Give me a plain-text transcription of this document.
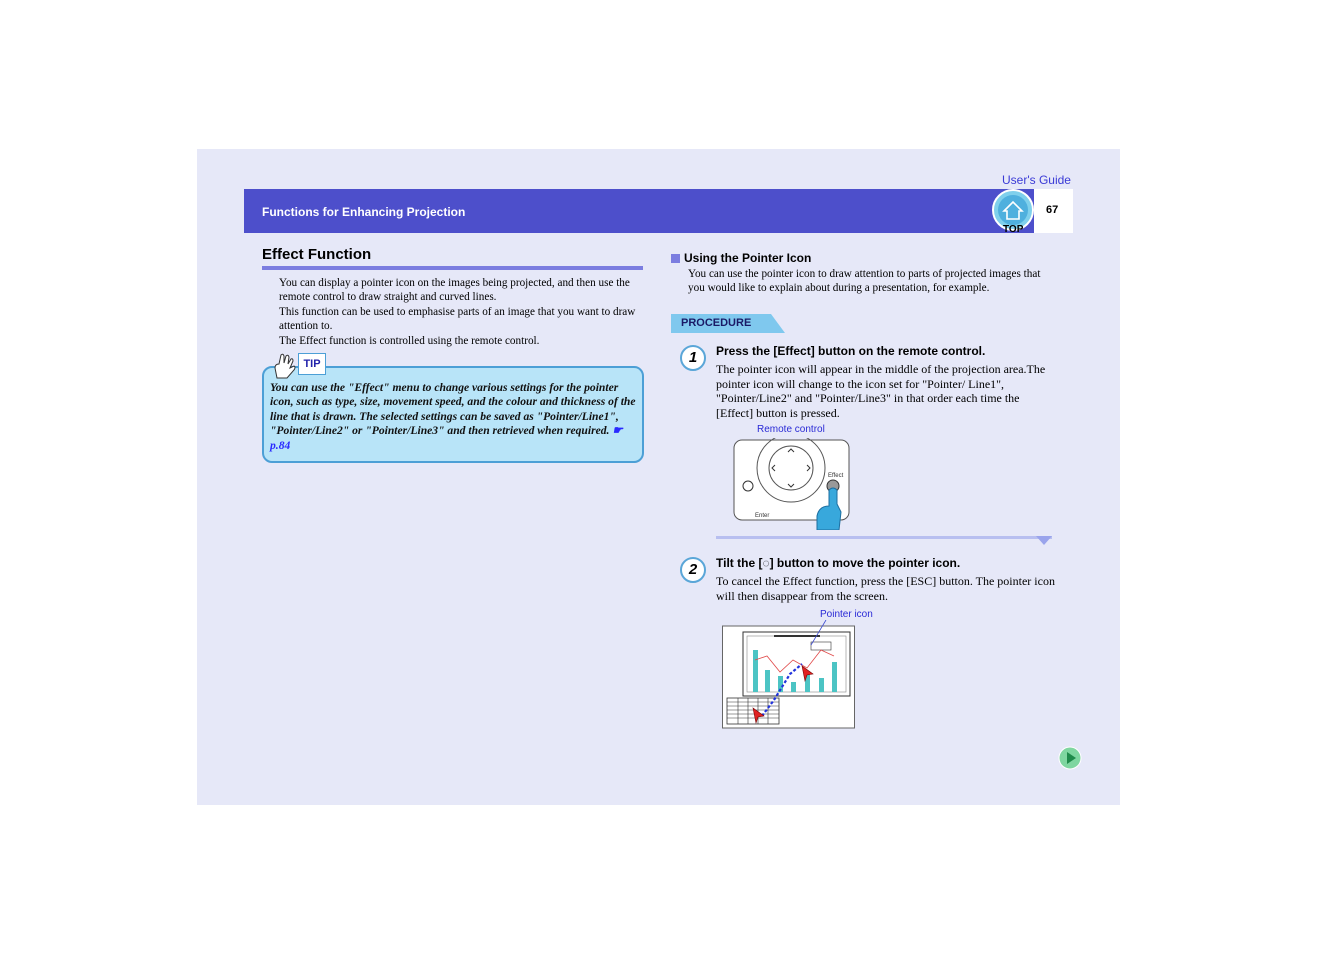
User's Guide
Functions for Enhancing Projection	67
TOP
Effect Function

You can display a pointer icon on the images being projected, and then use the remote control to draw straight and curved lines.

This function can be used to emphasise parts of an image that you want to draw attention to.

The Effect function is controlled using the remote control.

TIP
You can use the "Effect" menu to change various settings for the pointer icon, such as type, size, movement speed, and the colour and thickness of the line that is drawn. The selected settings can be saved as "Pointer/Line1", "Pointer/Line2" or "Pointer/Line3" and then retrieved when required. ☛ p.84
Using the Pointer Icon
You can use the pointer icon to draw attention to parts of projected images that you would like to explain about during a presentation, for example.
PROCEDURE
1	Press the [Effect] button on the remote control.
The pointer icon will appear in the middle of the projection area.The pointer icon will change to the icon set for "Pointer/ Line1", "Pointer/Line2" and "Pointer/Line3" in that order each time the [Effect] button is pressed.
Remote control
Effect
Enter
2	Tilt the [◌] button to move the pointer icon.
To cancel the Effect function, press the [ESC] button. The pointer icon will then disappear from the screen.
Pointer icon
